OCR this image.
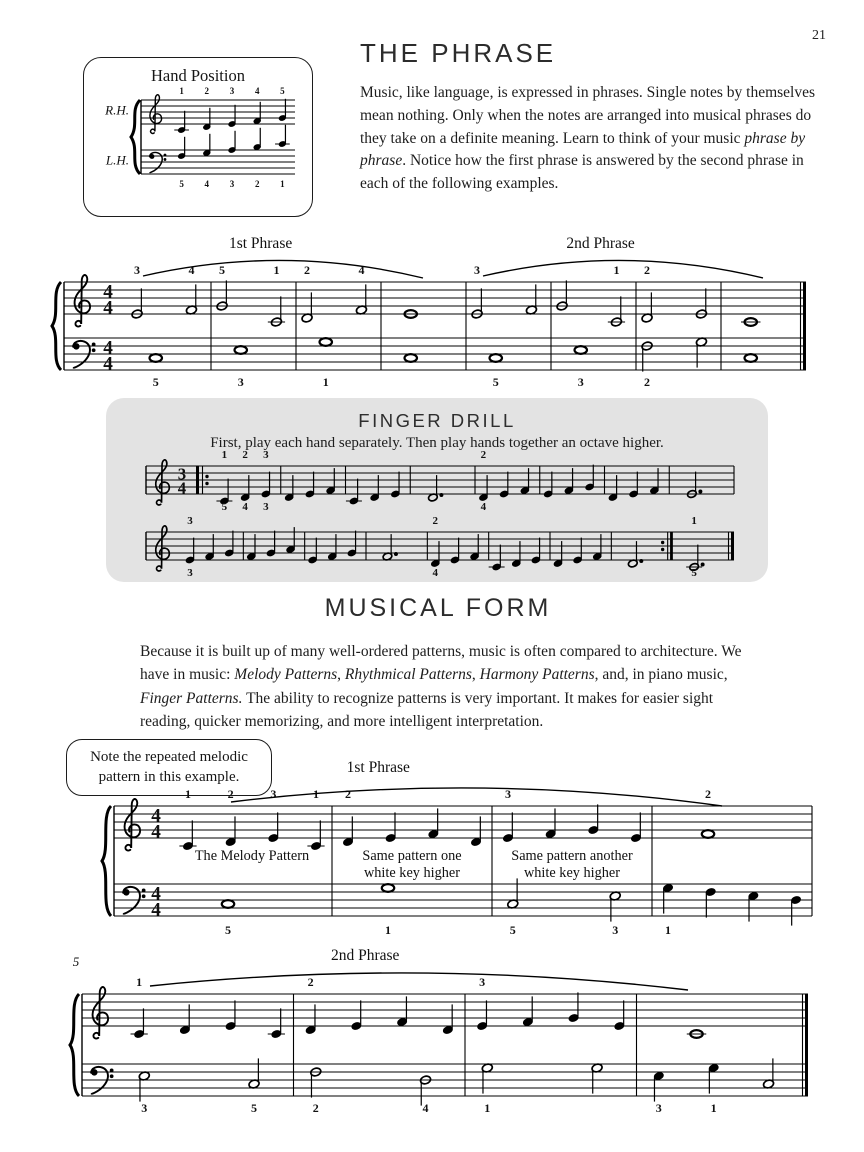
21
Hand Position
R.H.
L.H.
1 2 3 4 5
5 4 3 2 1
THE PHRASE

Music, like language, is expressed in phrases. Single notes by themselves mean nothing. Only when the notes are arranged into musical phrases do they take on a definite meaning. Learn to think of your music phrase by phrase. Notice how the first phrase is answered by the second phrase in each of the following examples.

4
4
4
4
3	4 5	1 2	4	3	1 2
5	3	1	5	3	2
1st Phrase	2nd Phrase
FINGER DRILL
First, play each hand separately. Then play hands together an octave higher.
3
4
1
5
2
4
3
3
2
4
3
3
2
4
1
5
MUSICAL FORM

Because it is built up of many well-ordered patterns, music is often compared to architecture. We have in music: Melody Patterns, Rhythmical Patterns, Harmony Patterns, and, in piano music, Finger Patterns. The ability to recognize patterns is very important. It makes for easier sight reading, quicker memorizing, and more intelligent interpretation.

Note the repeated melodic pattern in this example.
4
4
4
4
1	2	3	1 2	3	2
5	1	5	3	1
1st Phrase
The Melody Pattern	Same pattern one
white key higher
Same pattern another
white key higher
1	2	3
3	5	2	4	1	3	1
2nd Phrase
5
